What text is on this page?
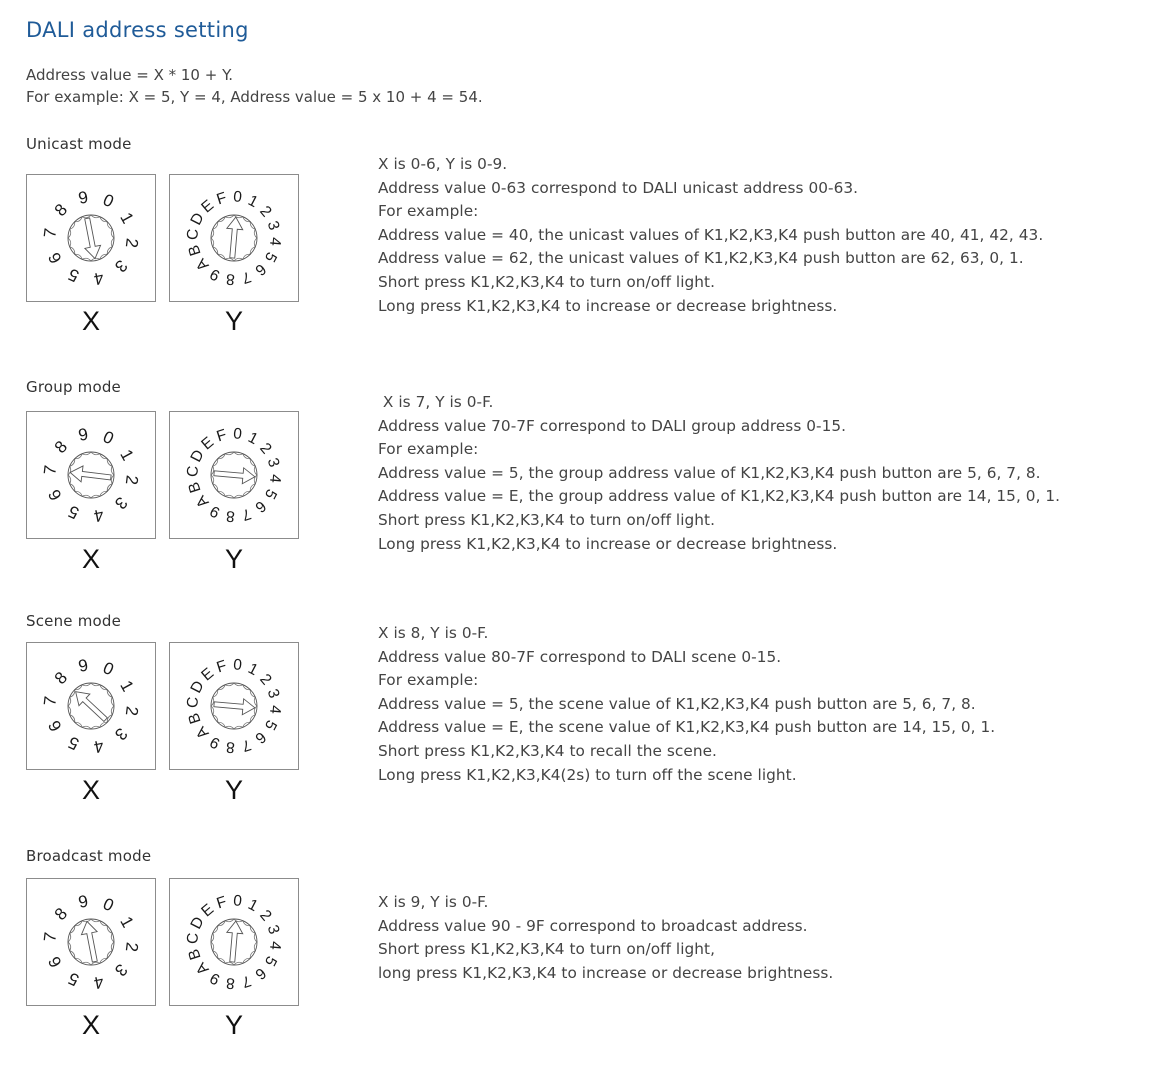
DALI address setting
Address value = X * 10 + Y.
For example: X = 5, Y = 4, Address value = 5 x 10 + 4 = 54.
Unicast mode
0
1
2
3
4
5
6
7
8
9	0 1
2
3
4
5
6
7
8
9
A
B
C
D
E
F
X	Y
X is 0-6, Y is 0-9.
Address value 0-63 correspond to DALI unicast address 00-63.
For example:
Address value = 40, the unicast values of K1,K2,K3,K4 push button are 40, 41, 42, 43.
Address value = 62, the unicast values of K1,K2,K3,K4 push button are 62, 63, 0, 1.
Short press K1,K2,K3,K4 to turn on/off light.
Long press K1,K2,K3,K4 to increase or decrease brightness.
Group mode
0
1
2
3
4
5
6
7
8
9	0 1
2
3
4
5
6
7
8
9
A
B
C
D
E
F
X	Y
X is 7, Y is 0-F.
Address value 70-7F correspond to DALI group address 0-15.
For example:
Address value = 5, the group address value of K1,K2,K3,K4 push button are 5, 6, 7, 8.
Address value = E, the group address value of K1,K2,K3,K4 push button are 14, 15, 0, 1.
Short press K1,K2,K3,K4 to turn on/off light.
Long press K1,K2,K3,K4 to increase or decrease brightness.
Scene mode
0
1
2
3
4
5
6
7
8
9	0 1
2
3
4
5
6
7
8
9
A
B
C
D
E
F
X	Y
X is 8, Y is 0-F.
Address value 80-7F correspond to DALI scene 0-15.
For example:
Address value = 5, the scene value of K1,K2,K3,K4 push button are 5, 6, 7, 8.
Address value = E, the scene value of K1,K2,K3,K4 push button are 14, 15, 0, 1.
Short press K1,K2,K3,K4 to recall the scene.
Long press K1,K2,K3,K4(2s) to turn off the scene light.
Broadcast mode
0
1
2
3
4
5
6
7
8
9	0 1
2
3
4
5
6
7
8
9
A
B
C
D
E
F
X	Y
X is 9, Y is 0-F.
Address value 90 - 9F correspond to broadcast address.
Short press K1,K2,K3,K4 to turn on/off light,
long press K1,K2,K3,K4 to increase or decrease brightness.
